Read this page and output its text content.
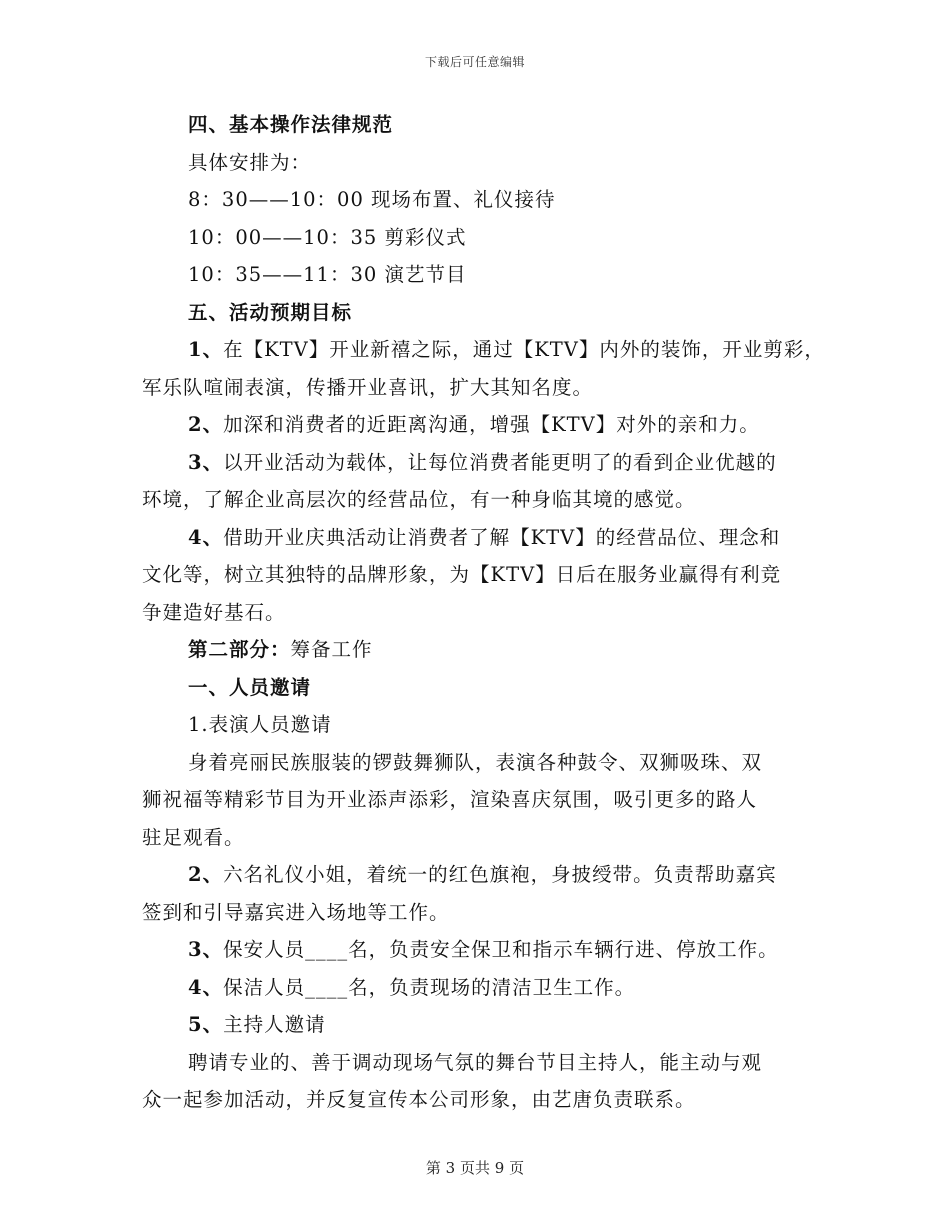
下载后可任意编辑
四、基本操作法律规范
具体安排为：
8：30——10：00 现场布置、礼仪接待
10：00——10：35 剪彩仪式
10：35——11：30 演艺节目
五、活动预期目标
1、在【KTV】开业新禧之际，通过【KTV】内外的装饰，开业剪彩，
军乐队喧闹表演，传播开业喜讯，扩大其知名度。
2、加深和消费者的近距离沟通，增强【KTV】对外的亲和力。
3、以开业活动为载体，让每位消费者能更明了的看到企业优越的
环境，了解企业高层次的经营品位，有一种身临其境的感觉。
4、借助开业庆典活动让消费者了解【KTV】的经营品位、理念和
文化等，树立其独特的品牌形象，为【KTV】日后在服务业赢得有利竞
争建造好基石。
第二部分：筹备工作
一、人员邀请
1.表演人员邀请
身着亮丽民族服装的锣鼓舞狮队，表演各种鼓令、双狮吸珠、双
狮祝福等精彩节目为开业添声添彩，渲染喜庆氛围，吸引更多的路人
驻足观看。
2、六名礼仪小姐，着统一的红色旗袍，身披绶带。负责帮助嘉宾
签到和引导嘉宾进入场地等工作。
3、保安人员____名，负责安全保卫和指示车辆行进、停放工作。
4、保洁人员____名，负责现场的清洁卫生工作。
5、主持人邀请
聘请专业的、善于调动现场气氛的舞台节目主持人，能主动与观
众一起参加活动，并反复宣传本公司形象，由艺唐负责联系。
第 3 页共 9 页
